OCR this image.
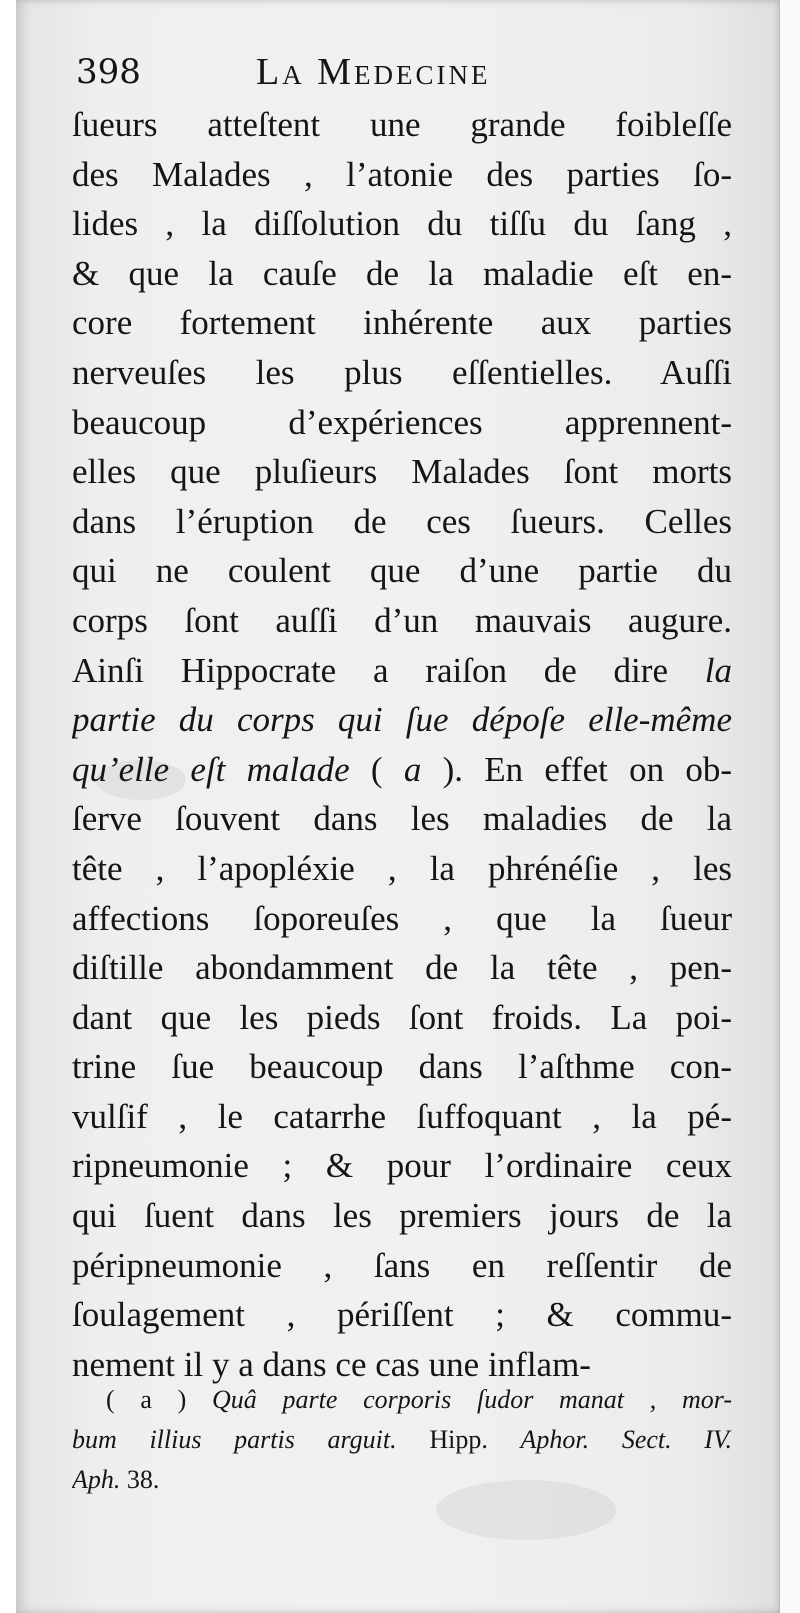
398	La Medecine
ſueurs atteſtent une grande foibleſſe
des Malades , l’atonie des parties ſo-
lides , la diſſolution du tiſſu du ſang ,
& que la cauſe de la maladie eſt en-
core fortement inhérente aux parties
nerveuſes les plus eſſentielles. Auſſi
beaucoup d’expériences apprennent-
elles que pluſieurs Malades ſont morts
dans l’éruption de ces ſueurs. Celles
qui ne coulent que d’une partie du
corps ſont auſſi d’un mauvais augure.
Ainſi Hippocrate a raiſon de dire la
partie du corps qui ſue dépoſe elle-même
qu’elle eſt malade ( a ). En effet on ob-
ſerve ſouvent dans les maladies de la
tête , l’apopléxie , la phrénéſie , les
affections ſoporeuſes , que la ſueur
diſtille abondamment de la tête , pen-
dant que les pieds ſont froids. La poi-
trine ſue beaucoup dans l’aſthme con-
vulſif , le catarrhe ſuffoquant , la pé-
ripneumonie ; & pour l’ordinaire ceux
qui ſuent dans les premiers jours de la
péripneumonie , ſans en reſſentir de
ſoulagement , périſſent ; & commu-
nement il y a dans ce cas une inflam-
( a ) Quâ parte corporis ſudor manat , mor-
bum illius partis arguit. Hipp. Aphor. Sect. IV.
Aph. 38.
